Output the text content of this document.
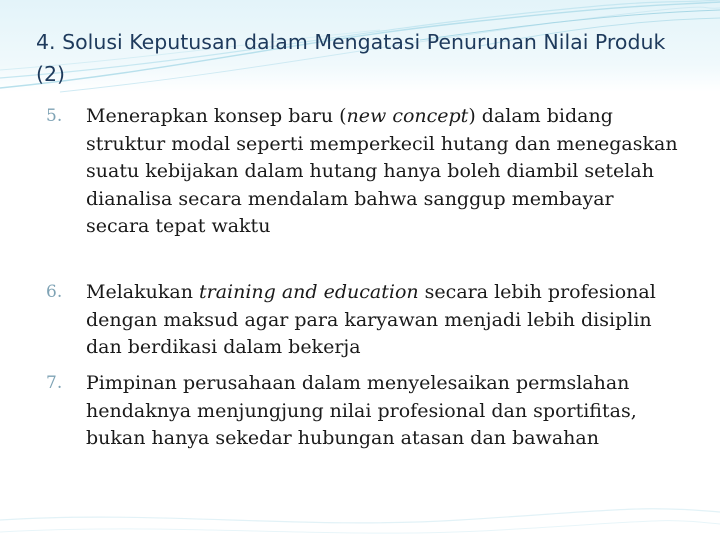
4. Solusi Keputusan dalam Mengatasi Penurunan Nilai Produk (2)
5.	Menerapkan konsep baru (new concept) dalam bidang struktur modal seperti memperkecil hutang dan menegaskan suatu kebijakan dalam hutang hanya boleh diambil setelah dianalisa secara mendalam bahwa sanggup membayar secara tepat waktu
6.	Melakukan training and education secara lebih profesional dengan maksud agar para karyawan menjadi lebih disiplin dan berdikasi dalam bekerja
7.	Pimpinan perusahaan dalam menyelesaikan permslahan hendaknya menjungjung nilai profesional dan sportifitas, bukan hanya sekedar hubungan atasan dan bawahan
